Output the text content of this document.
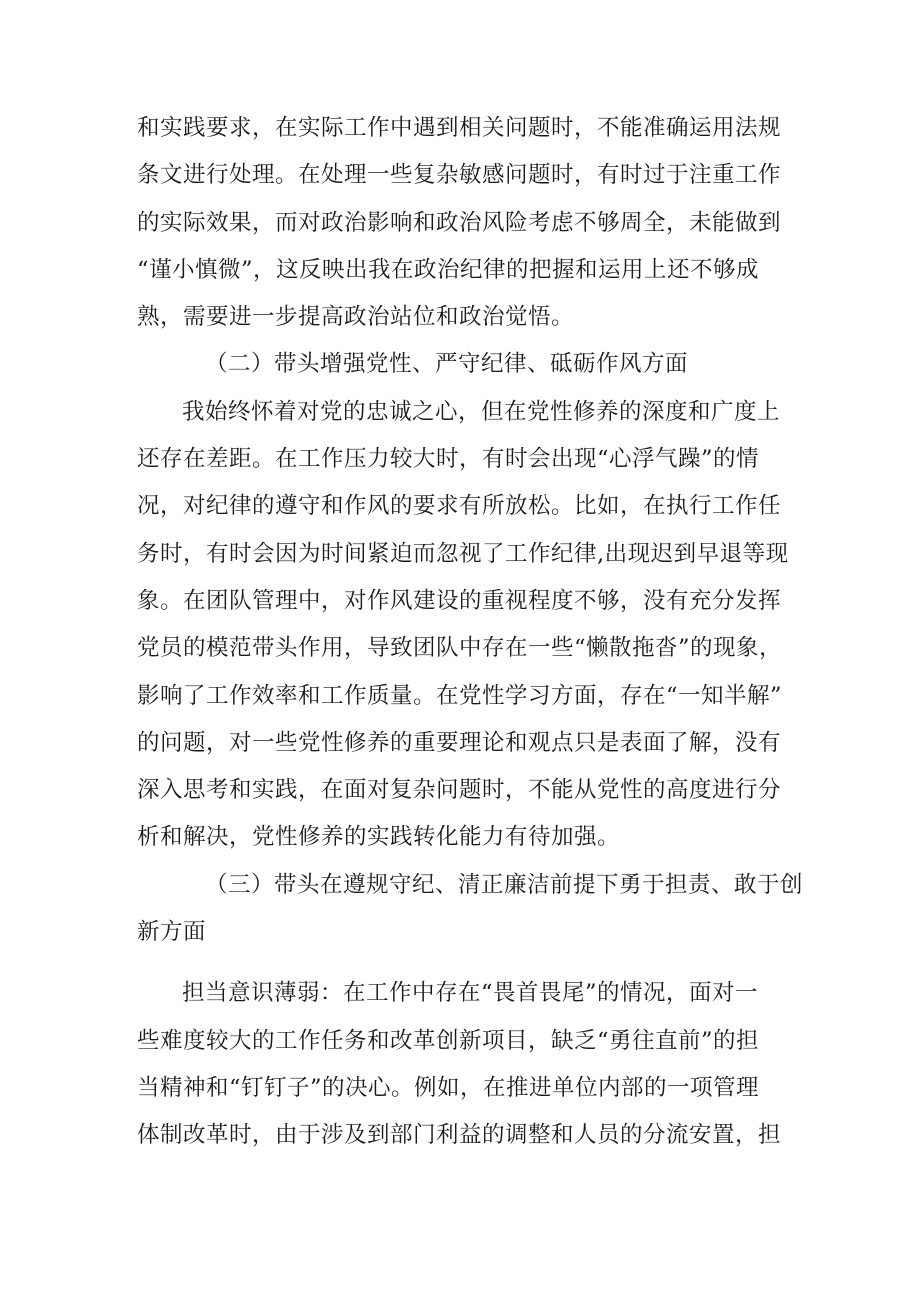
和实践要求，在实际工作中遇到相关问题时，不能准确运用法规
条文进行处理。在处理一些复杂敏感问题时，有时过于注重工作
的实际效果，而对政治影响和政治风险考虑不够周全，未能做到
“谨小慎微”，这反映出我在政治纪律的把握和运用上还不够成
熟，需要进一步提高政治站位和政治觉悟。
（二）带头增强党性、严守纪律、砥砺作风方面
我始终怀着对党的忠诚之心，但在党性修养的深度和广度上
还存在差距。在工作压力较大时，有时会出现“心浮气躁”的情
况，对纪律的遵守和作风的要求有所放松。比如，在执行工作任
务时，有时会因为时间紧迫而忽视了工作纪律,出现迟到早退等现
象。在团队管理中，对作风建设的重视程度不够，没有充分发挥
党员的模范带头作用，导致团队中存在一些“懒散拖沓”的现象，
影响了工作效率和工作质量。在党性学习方面，存在“一知半解”
的问题，对一些党性修养的重要理论和观点只是表面了解，没有
深入思考和实践，在面对复杂问题时，不能从党性的高度进行分
析和解决，党性修养的实践转化能力有待加强。
（三）带头在遵规守纪、清正廉洁前提下勇于担责、敢于创
新方面
担当意识薄弱：在工作中存在“畏首畏尾”的情况，面对一
些难度较大的工作任务和改革创新项目，缺乏“勇往直前”的担
当精神和“钉钉子”的决心。例如，在推进单位内部的一项管理
体制改革时，由于涉及到部门利益的调整和人员的分流安置，担
